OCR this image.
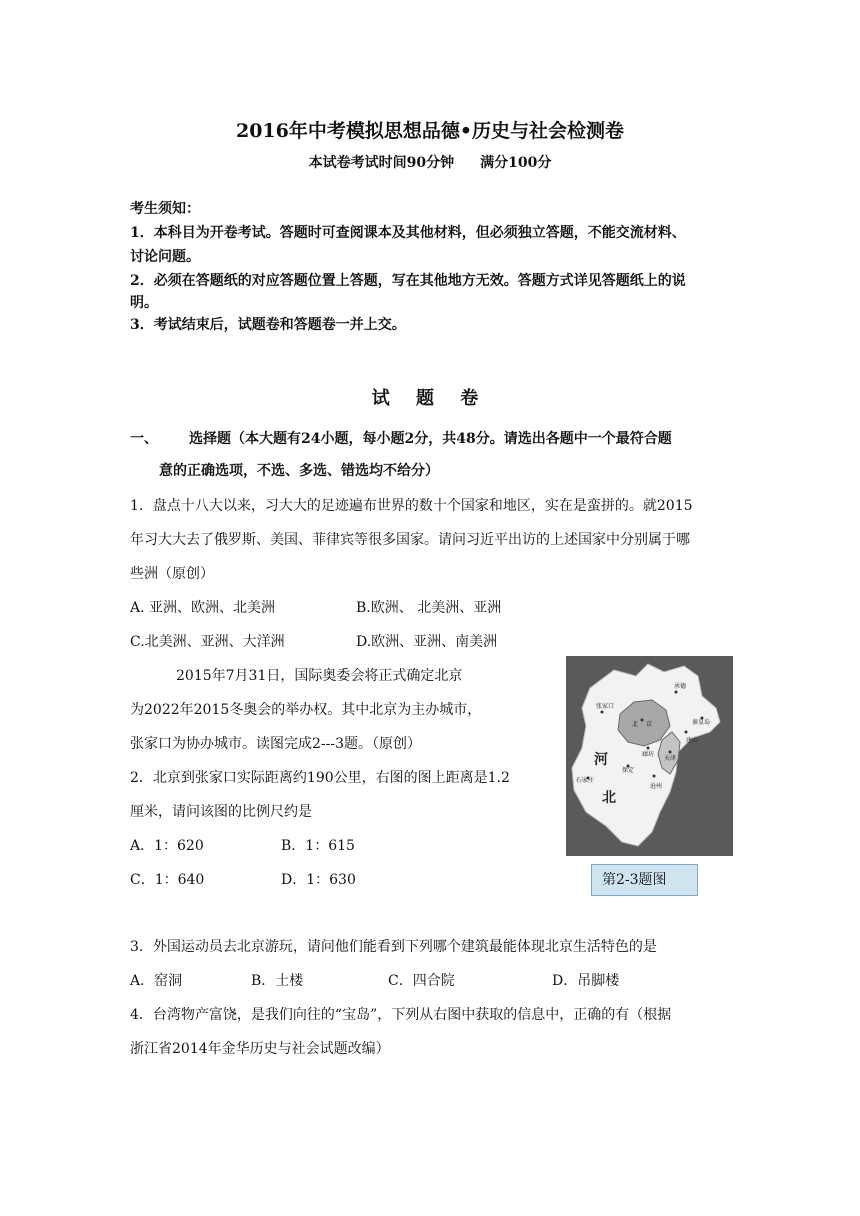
2016年中考模拟思想品德•历史与社会检测卷
本试卷考试时间90分钟 满分100分
考生须知：
1．本科目为开卷考试。答题时可查阅课本及其他材料，但必须独立答题，不能交流材料、
讨论问题。
2．必须在答题纸的对应答题位置上答题，写在其他地方无效。答题方式详见答题纸上的说
明。
3．考试结束后，试题卷和答题卷一并上交。
试 题 卷
一、 选择题（本大题有24小题，每小题2分，共48分。请选出各题中一个最符合题
意的正确选项，不选、多选、错选均不给分）
1．盘点十八大以来，习大大的足迹遍布世界的数十个国家和地区，实在是蛮拼的。就2015
年习大大去了俄罗斯、美国、菲律宾等很多国家。请问习近平出访的上述国家中分别属于哪
些洲（原创）
A. 亚洲、欧洲、北美洲	B.欧洲、 北美洲、亚洲
C.北美洲、亚洲、大洋洲	D.欧洲、亚洲、南美洲
2015年7月31日，国际奥委会将正式确定北京
为2022年2015冬奥会的举办权。其中北京为主办城市，
张家口为协办城市。读图完成2---3题。（原创）
2．北京到张家口实际距离约190公里，右图的图上距离是1.2
厘米，请问该图的比例尺约是
A．1：620	B．1：615
C．1：640	D．1：630
张家口
承德
北 京	秦皇岛
唐山
廊坊
天津
保定
石家庄
沧州
河
北
第2-3题图
3．外国运动员去北京游玩，请问他们能看到下列哪个建筑最能体现北京生活特色的是
A．窑洞	B．土楼	C．四合院	D．吊脚楼
4．台湾物产富饶，是我们向往的“宝岛”，下列从右图中获取的信息中，正确的有（根据
浙江省2014年金华历史与社会试题改编）
